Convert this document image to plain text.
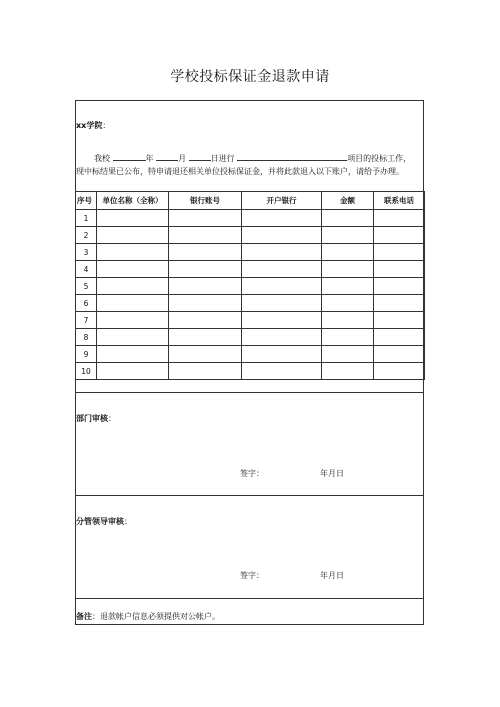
学校投标保证金退款申请
xx学院：
我校	年	月	日进行	项目的投标工作，
现中标结果已公布，特申请退还相关单位投标保证金，并将此款退入以下账户，请给予办理。
序号	单位名称（全称）	银行账号	开户银行	金额	联系电话
1					
2					
3					
4					
5					
6					
7					
8					
9					
10					
部门审核：
签字：	年月日
分管领导审核：
签字：	年月日
备注：退款帐户信息必须提供对公帐户。
